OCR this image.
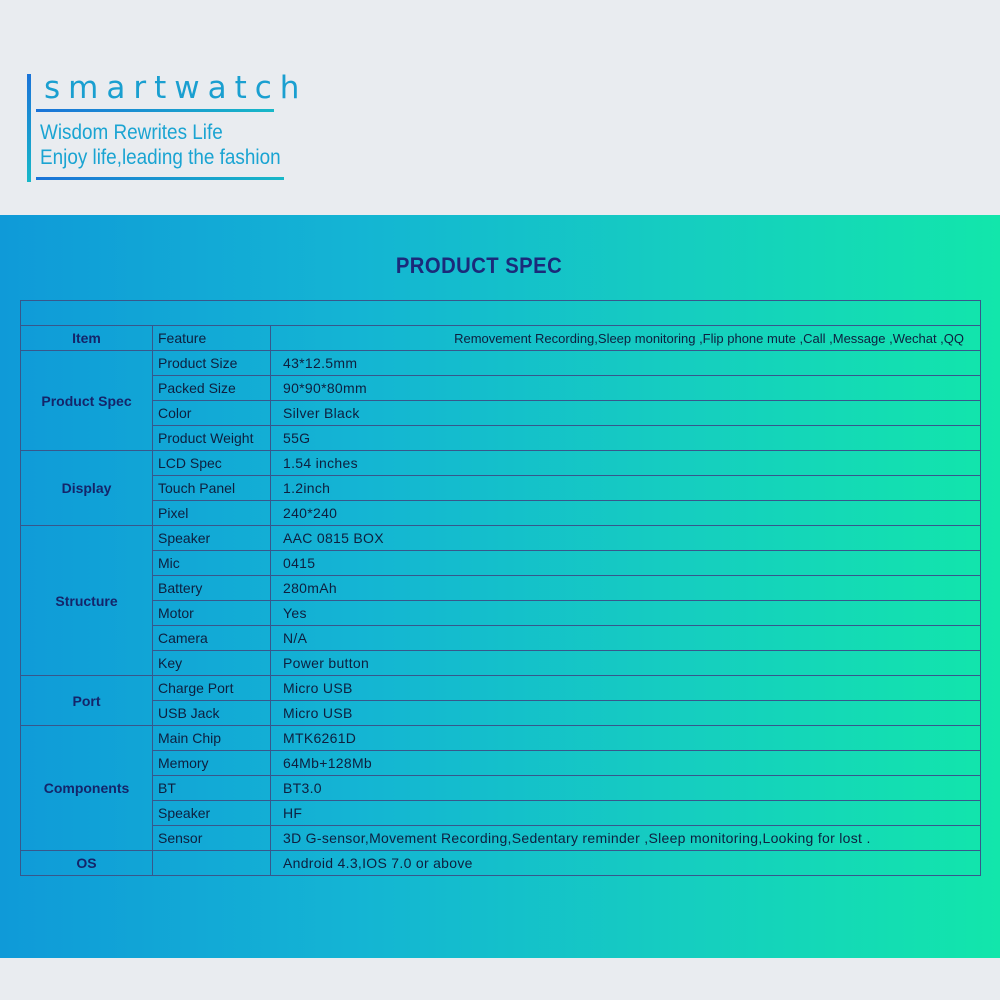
smartwatch
Wisdom Rewrites Life
Enjoy life,leading the fashion
PRODUCT SPEC

Item	Feature	Removement Recording,Sleep monitoring ,Flip phone mute ,Call ,Message ,Wechat ,QQ
Product Spec	Product Size	43*12.5mm
	Packed Size	90*90*80mm
	Color	Silver Black
	Product Weight	55G
Display	LCD Spec	1.54 inches
	Touch Panel	1.2inch
	Pixel	240*240
Structure	Speaker	AAC 0815 BOX
	Mic	0415
	Battery	280mAh
	Motor	Yes
	Camera	N/A
	Key	Power button
Port	Charge Port	Micro USB
	USB Jack	Micro USB
Components	Main Chip	MTK6261D
	Memory	64Mb+128Mb
	BT	BT3.0
	Speaker	HF
	Sensor	3D G-sensor,Movement Recording,Sedentary reminder ,Sleep monitoring,Looking for lost .
OS		Android 4.3,IOS 7.0 or above
